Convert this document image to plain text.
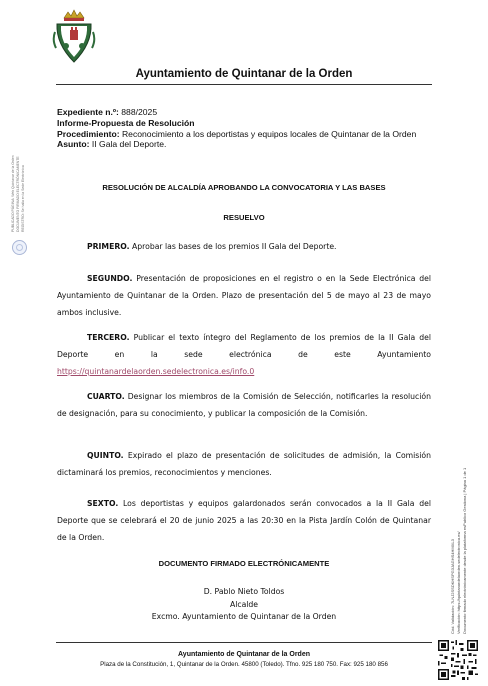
Ayuntamiento de Quintanar de la Orden
PUBLICADO PÁGINA: Web Quintanar de la Orden DOCUMENTO FIRMADO ELECTRÓNICAMENTE REGISTRO: Se halla en la Sede Electrónica
Expediente n.º: 888/2025
Informe-Propuesta de Resolución
Procedimiento: Reconocimiento a los deportistas y equipos locales de Quintanar de la Orden
Asunto: II Gala del Deporte.
RESOLUCIÓN DE ALCALDÍA APROBANDO LA CONVOCATORIA Y LAS BASES
RESUELVO
PRIMERO. Aprobar las bases de los premios II Gala del Deporte.
SEGUNDO. Presentación de proposiciones en el registro o en la Sede Electrónica del Ayuntamiento de Quintanar de la Orden. Plazo de presentación del 5 de mayo al 23 de mayo ambos inclusive.
TERCERO. Publicar el texto íntegro del Reglamento de los premios de la II Gala del Deporte en la sede electrónica de este Ayuntamiento https://quintanardelaorden.sedelectronica.es/info.0
CUARTO. Designar los miembros de la Comisión de Selección, notificarles la resolución de designación, para su conocimiento, y publicar la composición de la Comisión.
QUINTO. Expirado el plazo de presentación de solicitudes de admisión, la Comisión dictaminará los premios, reconocimientos y menciones.
SEXTO. Los deportistas y equipos galardonados serán convocados a la II Gala del Deporte que se celebrará el 20 de junio 2025 a las 20:30 en la Pista Jardín Colón de Quintanar de la Orden.
DOCUMENTO FIRMADO ELECTRÓNICAMENTE
D. Pablo Nieto Toldos
Alcalde
Excmo. Ayuntamiento de Quintanar de la Orden	Cód. Validación: 7LNJ2SSDKHSPG3JAGHS4HMXL3 Verificación: https://quintanardelaorden.sedelectronica.es/ Documento firmado electrónicamente desde la plataforma esPublico Gestiona | Página 1 de 1
Ayuntamiento de Quintanar de la Orden
Plaza de la Constitución, 1, Quintanar de la Orden. 45800 (Toledo). Tfno. 925 180 750. Fax: 925 180 856
